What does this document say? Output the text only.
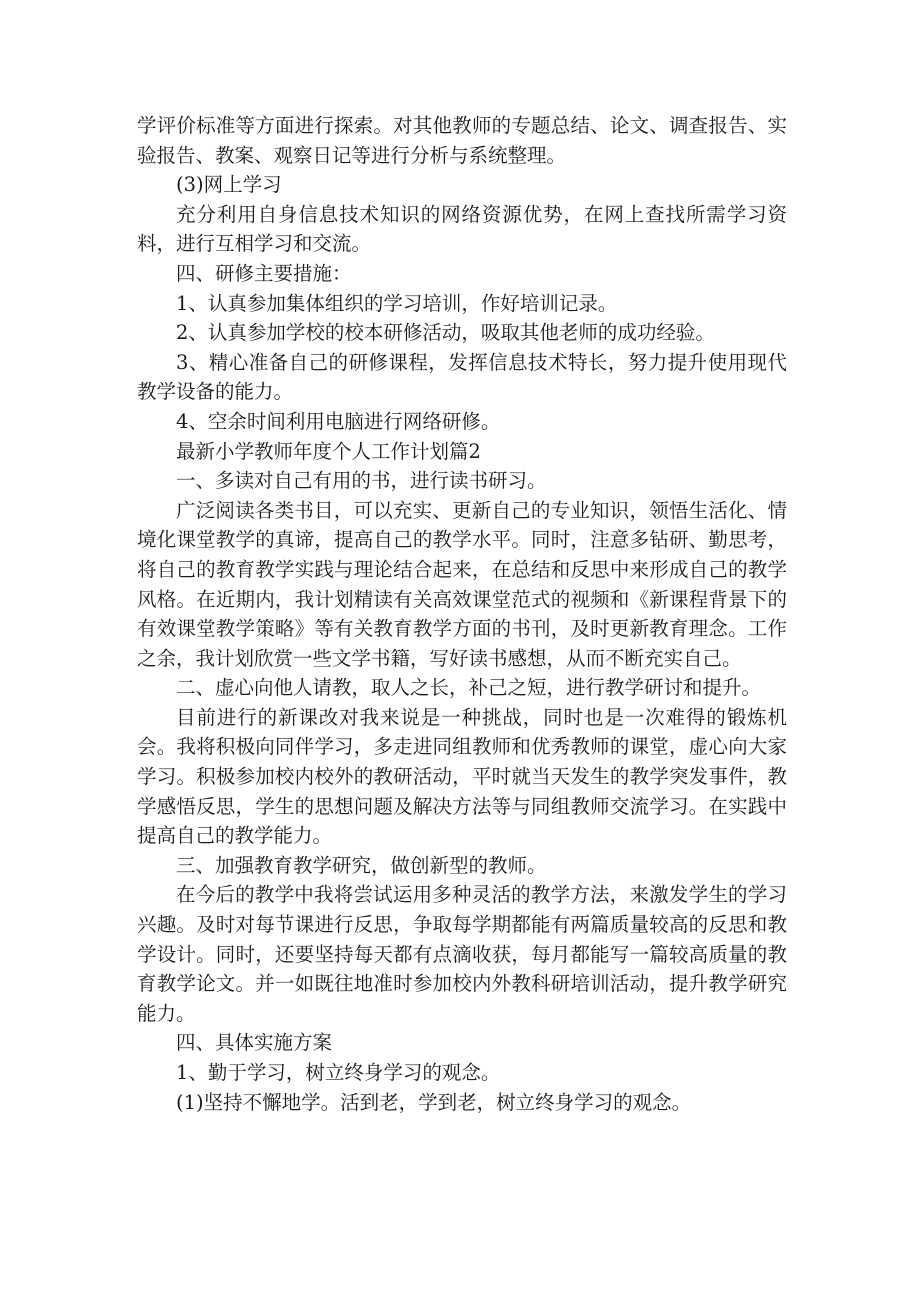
学评价标准等方面进行探索。对其他教师的专题总结、论文、调查报告、实验报告、教案、观察日记等进行分析与系统整理。

(3)网上学习

充分利用自身信息技术知识的网络资源优势，在网上查找所需学习资料，进行互相学习和交流。

四、研修主要措施：

1、认真参加集体组织的学习培训，作好培训记录。

2、认真参加学校的校本研修活动，吸取其他老师的成功经验。

3、精心准备自己的研修课程，发挥信息技术特长，努力提升使用现代教学设备的能力。

4、空余时间利用电脑进行网络研修。

最新小学教师年度个人工作计划篇2

一、多读对自己有用的书，进行读书研习。

广泛阅读各类书目，可以充实、更新自己的专业知识，领悟生活化、情境化课堂教学的真谛，提高自己的教学水平。同时，注意多钻研、勤思考，将自己的教育教学实践与理论结合起来，在总结和反思中来形成自己的教学风格。在近期内，我计划精读有关高效课堂范式的视频和《新课程背景下的有效课堂教学策略》等有关教育教学方面的书刊，及时更新教育理念。工作之余，我计划欣赏一些文学书籍，写好读书感想，从而不断充实自己。

二、虚心向他人请教，取人之长，补己之短，进行教学研讨和提升。

目前进行的新课改对我来说是一种挑战，同时也是一次难得的锻炼机会。我将积极向同伴学习，多走进同组教师和优秀教师的课堂，虚心向大家学习。积极参加校内校外的教研活动，平时就当天发生的教学突发事件，教学感悟反思，学生的思想问题及解决方法等与同组教师交流学习。在实践中提高自己的教学能力。

三、加强教育教学研究，做创新型的教师。

在今后的教学中我将尝试运用多种灵活的教学方法，来激发学生的学习兴趣。及时对每节课进行反思，争取每学期都能有两篇质量较高的反思和教学设计。同时，还要坚持每天都有点滴收获，每月都能写一篇较高质量的教育教学论文。并一如既往地准时参加校内外教科研培训活动，提升教学研究能力。

四、具体实施方案

1、勤于学习，树立终身学习的观念。

(1)坚持不懈地学。活到老，学到老，树立终身学习的观念。
